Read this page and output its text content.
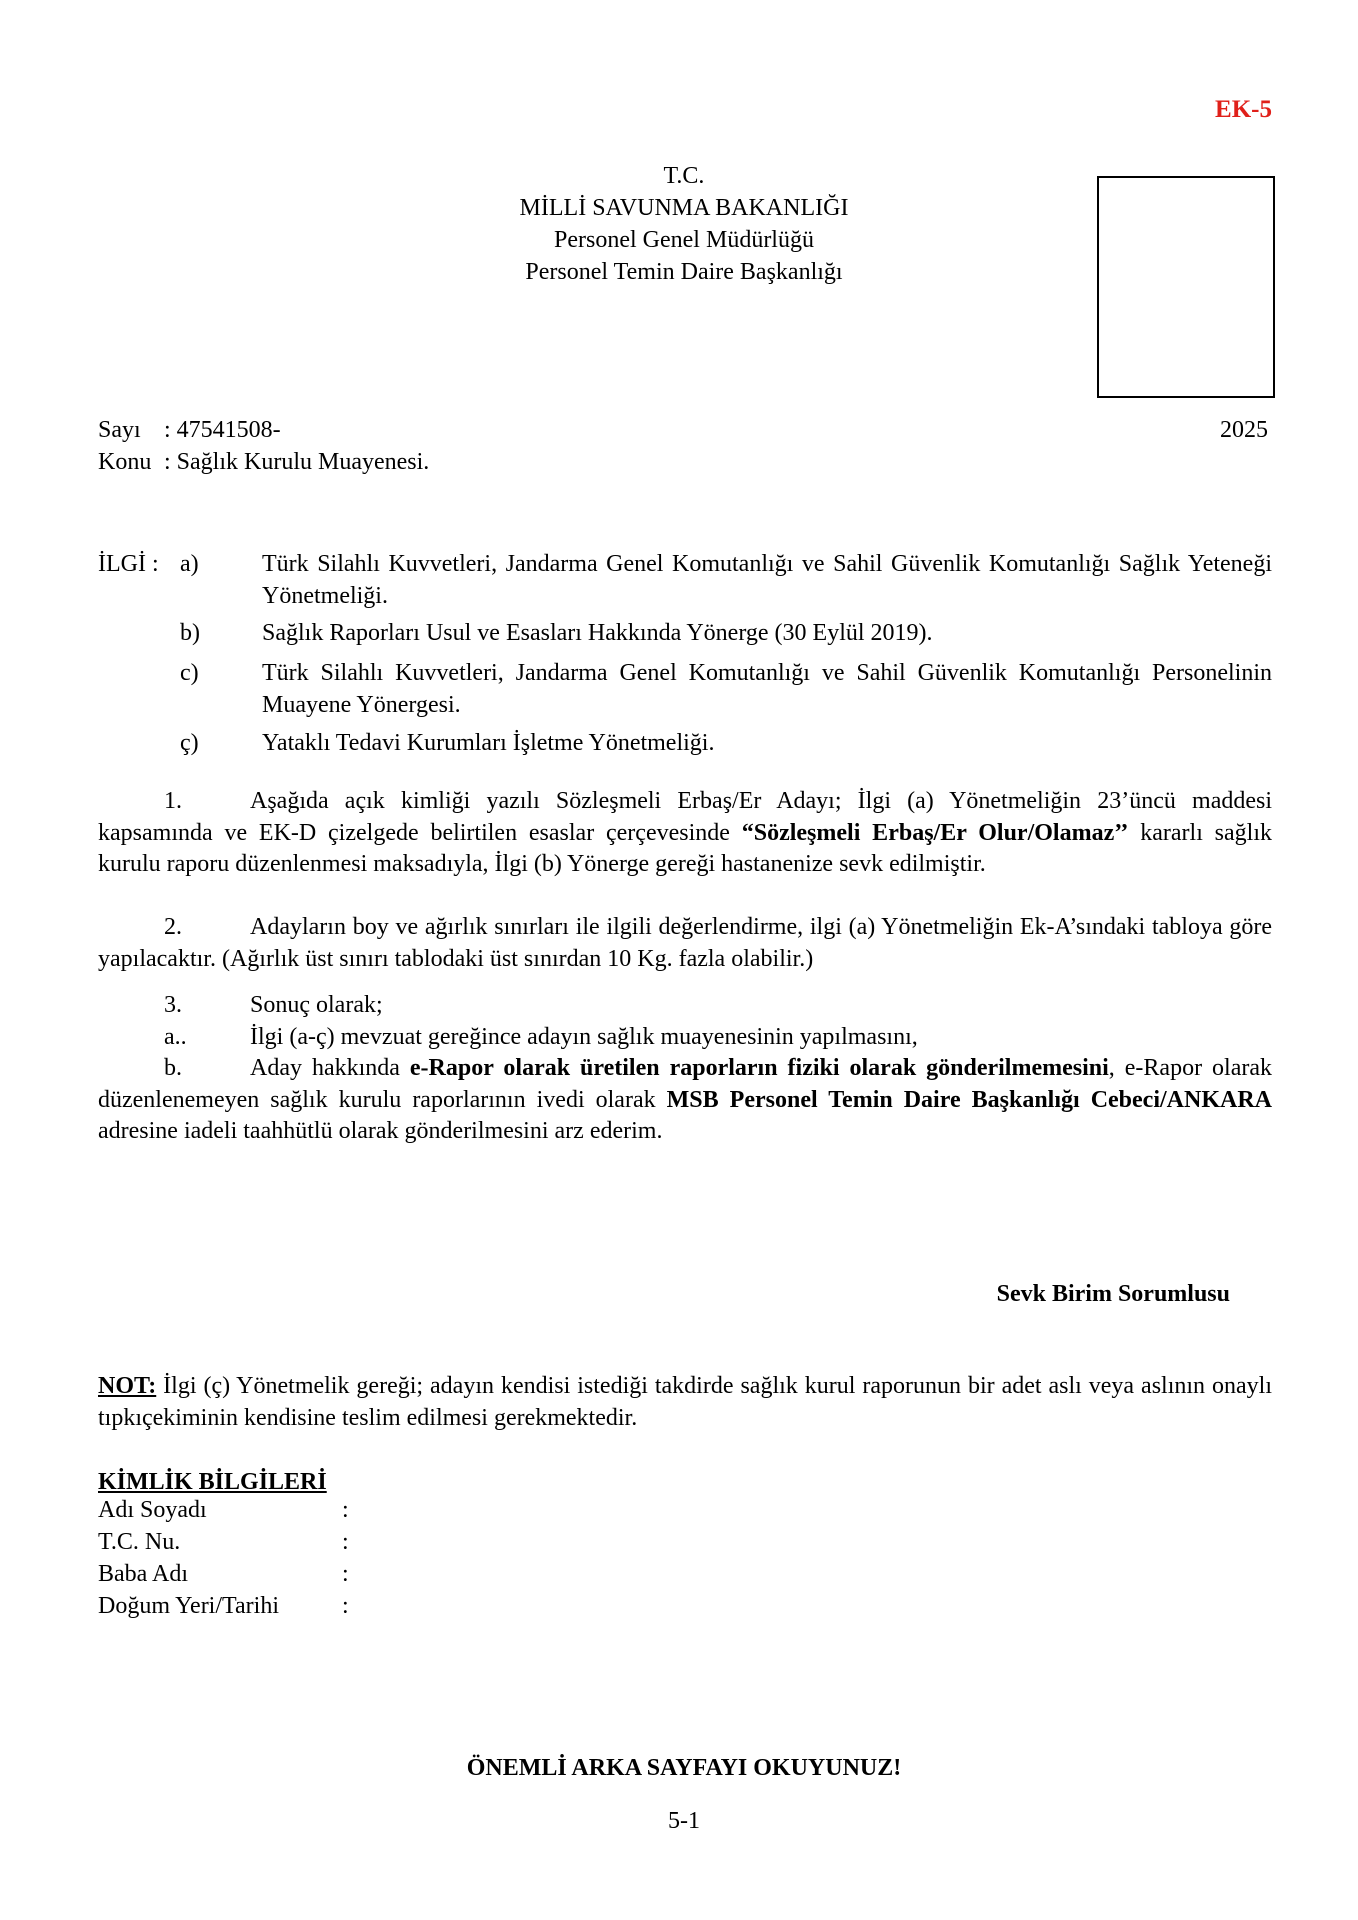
EK-5
T.C.
MİLLİ SAVUNMA BAKANLIĞI
Personel Genel Müdürlüğü
Personel Temin Daire Başkanlığı
Sayı : 47541508-	2025
Konu : Sağlık Kurulu Muayenesi.
İLGİ : a)	Türk Silahlı Kuvvetleri, Jandarma Genel Komutanlığı ve Sahil Güvenlik Komutanlığı Sağlık Yeteneği Yönetmeliği.
b)	Sağlık Raporları Usul ve Esasları Hakkında Yönerge (30 Eylül 2019).
c)	Türk Silahlı Kuvvetleri, Jandarma Genel Komutanlığı ve Sahil Güvenlik Komutanlığı Personelinin Muayene Yönergesi.
ç)	Yataklı Tedavi Kurumları İşletme Yönetmeliği.
1.	Aşağıda açık kimliği yazılı Sözleşmeli Erbaş/Er Adayı; İlgi (a) Yönetmeliğin 23’üncü maddesi kapsamında ve EK-D çizelgede belirtilen esaslar çerçevesinde “Sözleşmeli Erbaş/Er Olur/Olamaz’’ kararlı sağlık kurulu raporu düzenlenmesi maksadıyla, İlgi (b) Yönerge gereği hastanenize sevk edilmiştir.
2.	Adayların boy ve ağırlık sınırları ile ilgili değerlendirme, ilgi (a) Yönetmeliğin Ek-A’sındaki tabloya göre yapılacaktır. (Ağırlık üst sınırı tablodaki üst sınırdan 10 Kg. fazla olabilir.)
3.	Sonuç olarak;
a..	İlgi (a-ç) mevzuat gereğince adayın sağlık muayenesinin yapılmasını,
b.	Aday hakkında e-Rapor olarak üretilen raporların fiziki olarak gönderilmemesini, e-Rapor olarak düzenlenemeyen sağlık kurulu raporlarının ivedi olarak MSB Personel Temin Daire Başkanlığı Cebeci/ANKARA adresine iadeli taahhütlü olarak gönderilmesini arz ederim.
Sevk Birim Sorumlusu
NOT: İlgi (ç) Yönetmelik gereği; adayın kendisi istediği takdirde sağlık kurul raporunun bir adet aslı veya aslının onaylı tıpkıçekiminin kendisine teslim edilmesi gerekmektedir.
KİMLİK BİLGİLERİ
Adı Soyadı	:
T.C. Nu.	:
Baba Adı	:
Doğum Yeri/Tarihi	:
ÖNEMLİ ARKA SAYFAYI OKUYUNUZ!
5-1
